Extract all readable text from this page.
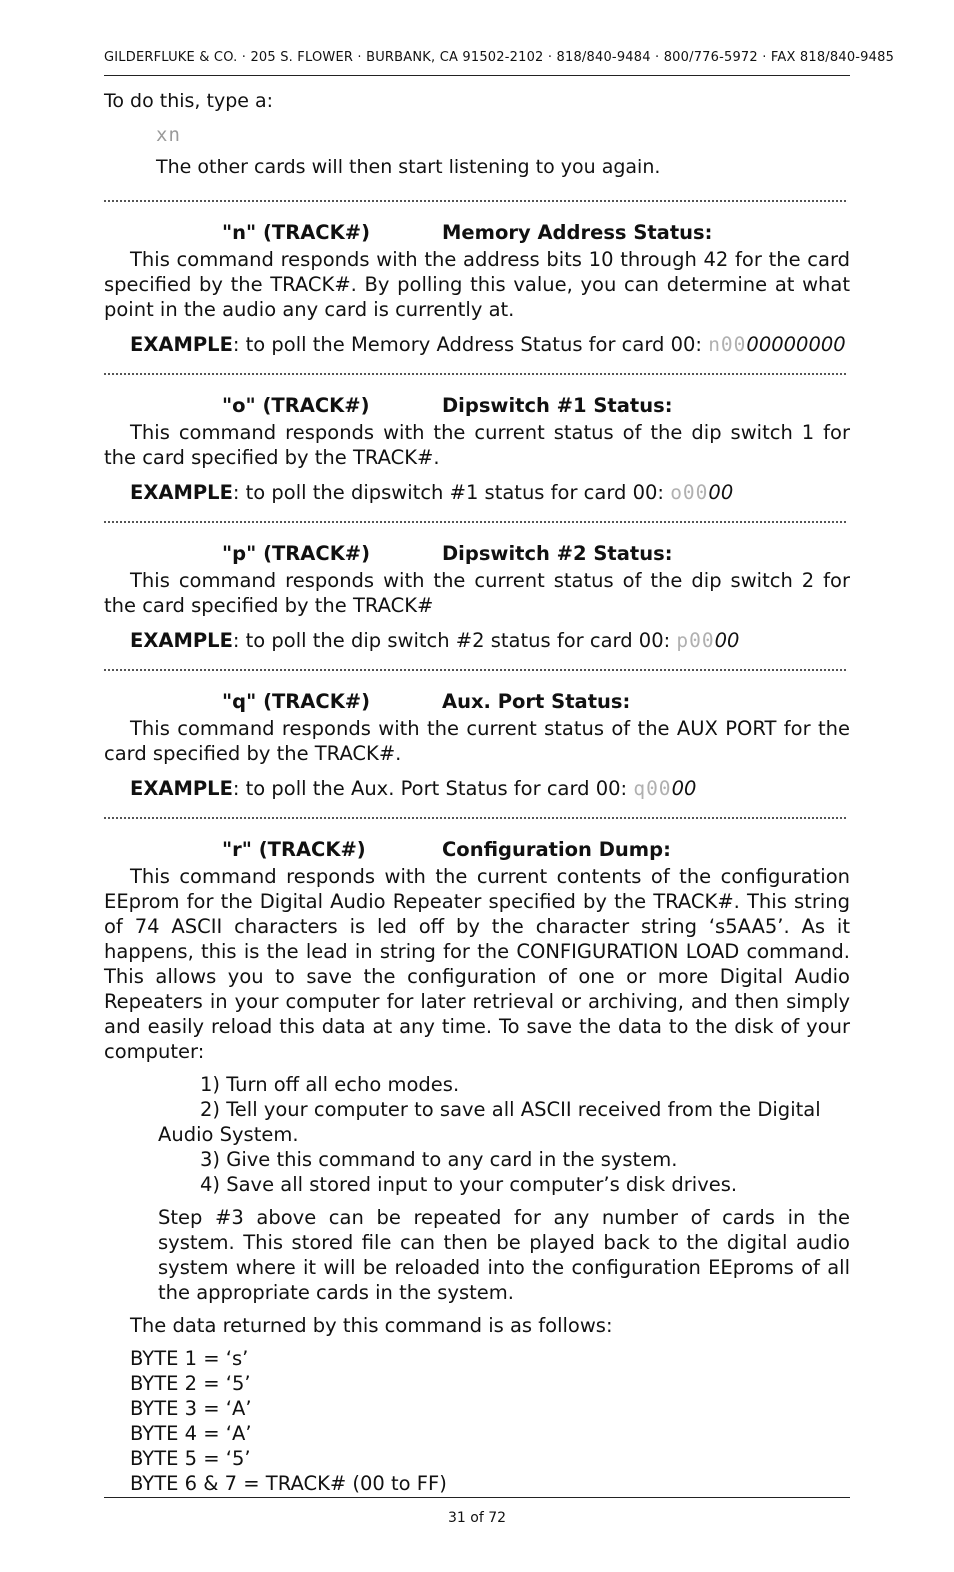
GILDERFLUKE & CO. · 205 S. FLOWER · BURBANK, CA 91502-2102 · 818/840-9484 · 800/776-5972 · FAX 818/840-9485
To do this, type a:
xn
The other cards will then start listening to you again.
"n" (TRACK#)	Memory Address Status:
This command responds with the address bits 10 through 42 for the card specified by the TRACK#. By polling this value, you can determine at what point in the audio any card is currently at.
EXAMPLE: to poll the Memory Address Status for card 00: n0000000000
"o" (TRACK#)	Dipswitch #1 Status:
This command responds with the current status of the dip switch 1 for the card specified by the TRACK#.
EXAMPLE: to poll the dipswitch #1 status for card 00: o0000
"p" (TRACK#)	Dipswitch #2 Status:
This command responds with the current status of the dip switch 2 for the card specified by the TRACK#
EXAMPLE: to poll the dip switch #2 status for card 00: p0000
"q" (TRACK#)	Aux. Port Status:
This command responds with the current status of the AUX PORT for the card specified by the TRACK#.
EXAMPLE: to poll the Aux. Port Status for card 00: q0000
"r" (TRACK#)	Configuration Dump:
This command responds with the current contents of the configuration EEprom for the Digital Audio Repeater specified by the TRACK#. This string of 74 ASCII characters is led off by the character string ‘s5AA5’. As it happens, this is the lead in string for the CONFIGURATION LOAD command. This allows you to save the configuration of one or more Digital Audio Repeaters in your computer for later retrieval or archiving, and then simply and easily reload this data at any time. To save the data to the disk of your computer:
1) Turn off all echo modes.
2) Tell your computer to save all ASCII received from the Digital Audio System.
3) Give this command to any card in the system.
4) Save all stored input to your computer’s disk drives.
Step #3 above can be repeated for any number of cards in the system. This stored file can then be played back to the digital audio system where it will be reloaded into the configuration EEproms of all the appropriate cards in the system.
The data returned by this command is as follows:
BYTE 1 = ‘s’
BYTE 2 = ‘5’
BYTE 3 = ‘A’
BYTE 4 = ‘A’
BYTE 5 = ‘5’
BYTE 6 & 7 = TRACK# (00 to FF)
31 of 72
